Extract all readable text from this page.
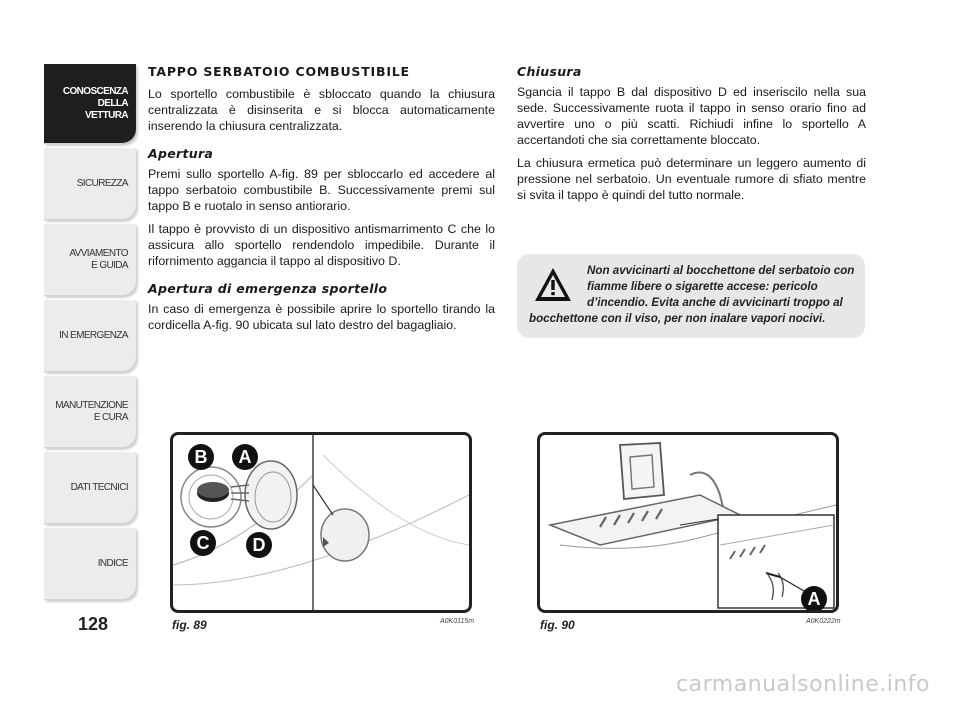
CONOSCENZA
DELLA
VETTURA
SICUREZZA
AVVIAMENTO
E GUIDA
IN EMERGENZA
MANUTENZIONE
E CURA
DATI TECNICI
INDICE
128
TAPPO SERBATOIO COMBUSTIBILE

Lo sportello combustibile è sbloccato quando la chiusura centralizzata è disinserita e si blocca automaticamente inserendo la chiusura centralizzata.

Apertura

Premi sullo sportello A-fig. 89 per sbloccarlo ed accedere al tappo serbatoio combustibile B. Successivamente premi sul tappo B e ruotalo in senso antiorario.

Il tappo è provvisto di un dispositivo antismarrimento C che lo assicura allo sportello rendendolo impedibile. Durante il rifornimento aggancia il tappo al dispositivo D.

Apertura di emergenza sportello

In caso di emergenza è possibile aprire lo sportello tirando la cordicella A-fig. 90 ubicata sul lato destro del bagagliaio.

Chiusura

Sgancia il tappo B dal dispositivo D ed inseriscilo nella sua sede. Successivamente ruota il tappo in senso orario fino ad avvertire uno o più scatti. Richiudi infine lo sportello A accertandoti che sia correttamente bloccato.

La chiusura ermetica può determinare un leggero aumento di pressione nel serbatoio. Un eventuale rumore di sfiato mentre si svita il tappo è quindi del tutto normale.

Non avvicinarti al bocchettone del serbatoio con fiamme libere o sigarette accese: pericolo d’incendio. Evita anche di avvicinarti troppo al bocchettone con il viso, per non inalare vapori nocivi.
B A
C D
fig. 89	A0K0115m
A
fig. 90	A0K0222m
carmanualsonline.info
